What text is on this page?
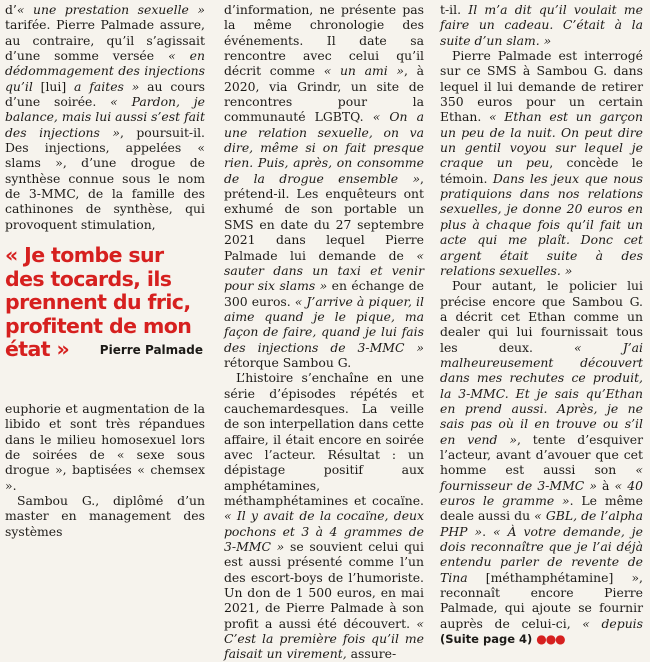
d’« une prestation sexuelle » tarifée. Pierre Palmade assure, au contraire, qu’il s’agissait d’une somme versée « en dédommagement des injections qu’il [lui] a faites » au cours d’une soirée. « Pardon, je balance, mais lui aussi s’est fait des injections », poursuit-il. Des injections, appelées « slams », d’une drogue de synthèse connue sous le nom de 3-MMC, de la famille des cathinones de synthèse, qui provoquent stimulation,

« Je tombe sur des tocards, ils prennent du fric, profitent de mon état »	Pierre Palmade

euphorie et augmentation de la libido et sont très répandues dans le milieu homosexuel lors de soirées de « sexe sous drogue », baptisées « chemsex ».

Sambou G., diplômé d’un master en management des systèmes

d’information, ne présente pas la même chronologie des événements. Il date sa rencontre avec celui qu’il décrit comme « un ami », à 2020, via Grindr, un site de rencontres pour la communauté LGBTQ. « On a une relation sexuelle, on va dire, même si on fait presque rien. Puis, après, on consomme de la drogue ensemble », prétend-il. Les enquêteurs ont exhumé de son portable un SMS en date du 27 septembre 2021 dans lequel Pierre Palmade lui demande de « sauter dans un taxi et venir pour six slams » en échange de 300 euros. « J’arrive à piquer, il aime quand je le pique, ma façon de faire, quand je lui fais des injections de 3-MMC » rétorque Sambou G.

L’histoire s’enchaîne en une série d’épisodes répétés et cauchemardesques. La veille de son interpellation dans cette affaire, il était encore en soirée avec l’acteur. Résultat : un dépistage positif aux amphétamines, méthamphétamines et cocaïne. « Il y avait de la cocaïne, deux pochons et 3 à 4 grammes de 3-MMC » se souvient celui qui est aussi présenté comme l’un des escort-boys de l’humoriste. Un don de 1 500 euros, en mai 2021, de Pierre Palmade à son profit a aussi été découvert. « C’est la première fois qu’il me faisait un virement, assure-

t-il. Il m’a dit qu’il voulait me faire un cadeau. C’était à la suite d’un slam. »

Pierre Palmade est interrogé sur ce SMS à Sambou G. dans lequel il lui demande de retirer 350 euros pour un certain Ethan. « Ethan est un garçon un peu de la nuit. On peut dire un gentil voyou sur lequel je craque un peu, concède le témoin. Dans les jeux que nous pratiquions dans nos relations sexuelles, je donne 20 euros en plus à chaque fois qu’il fait un acte qui me plaît. Donc cet argent était suite à des relations sexuelles. »

Pour autant, le policier lui précise encore que Sambou G. a décrit cet Ethan comme un dealer qui lui fournissait tous les deux. « J’ai malheureusement découvert dans mes rechutes ce produit, la 3-MMC. Et je sais qu’Ethan en prend aussi. Après, je ne sais pas où il en trouve ou s’il en vend », tente d’esquiver l’acteur, avant d’avouer que cet homme est aussi son « fournisseur de 3-MMC » à « 40 euros le gramme ». Le même deale aussi du « GBL, de l’alpha PHP ». « À votre demande, je dois reconnaître que je l’ai déjà entendu parler de revente de Tina [méthamphétamine] », reconnaît encore Pierre Palmade, qui ajoute se fournir auprès de celui-ci, « depuis (Suite page 4) ●●●
